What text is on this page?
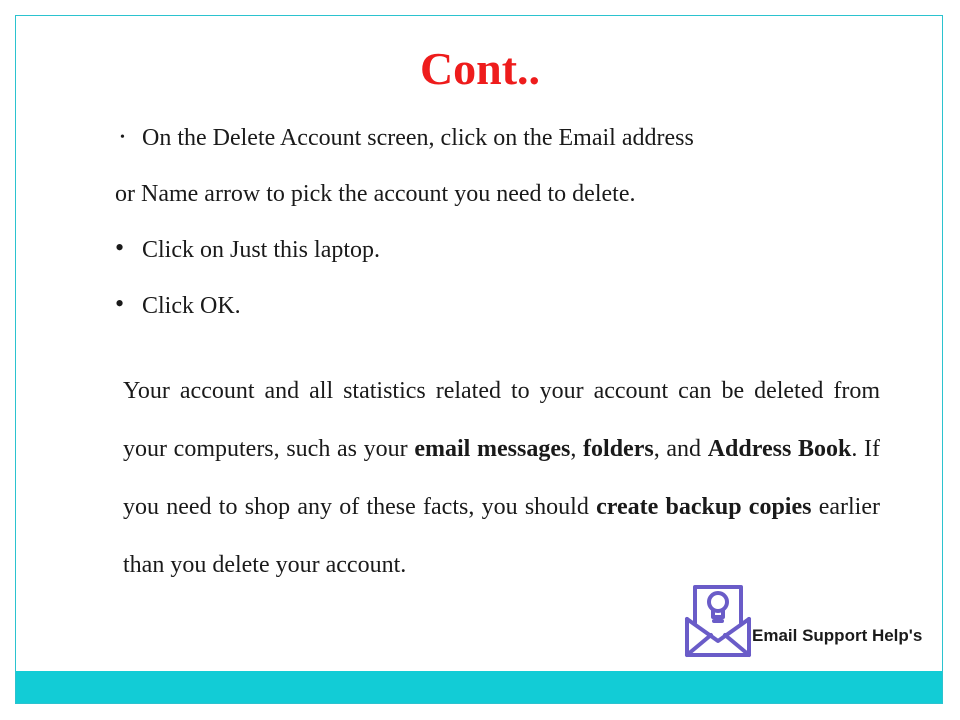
Cont..
• On the Delete Account screen, click on the Email address
or Name arrow to pick the account you need to delete.
• Click on Just this laptop.
• Click OK.

Your account and all statistics related to your account can be deleted from your computers, such as your email messages, folders, and Address Book. If you need to shop any of these facts, you should create backup copies earlier than you delete your account.

Email Support Help's
